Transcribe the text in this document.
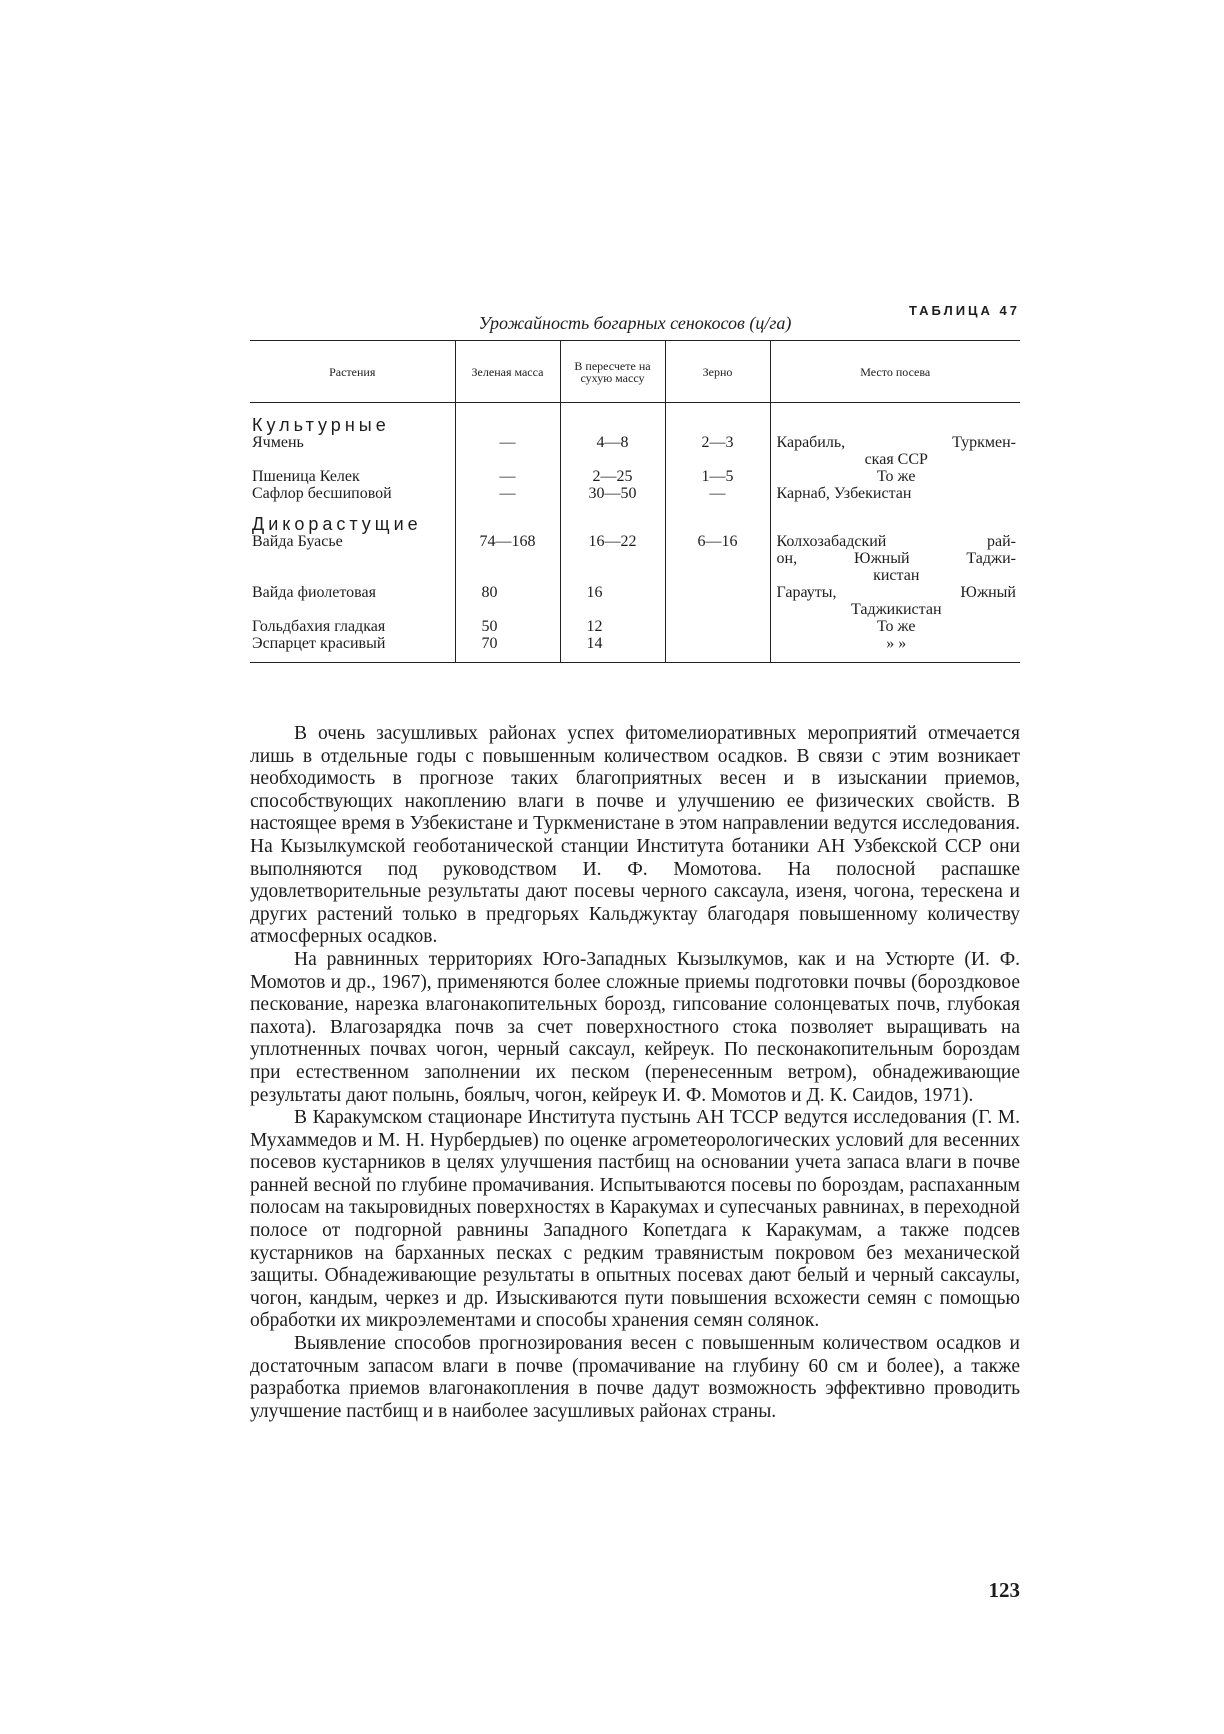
ТАБЛИЦА 47
Урожайность богарных сенокосов (ц/га)
Растения	Зеленая масса	В пересчете на сухую массу	Зерно	Место посева
Культурные				
Ячмень	—	4—8	2—3	Карабиль, Туркмен-
ская ССР

Пшеница Келек	—	2—25	1—5	То же

Сафлор бесшиповой	—	30—50	—	Карнаб, Узбекистан
Дикорастущие				
Вайда Буасье	74—168	16—22	6—16	Колхозабадский рай-
он, Южный Таджи-
кистан

Вайда фиолетовая	80	16		Гарауты, Южный
Таджикистан

Гольдбахия гладкая	50	12		То же

Эспарцет красивый	70	14		» »

В очень засушливых районах успех фитомелиоративных мероприятий отмечается лишь в отдельные годы с повышенным количеством осадков. В связи с этим возникает необходимость в прогнозе таких благоприятных весен и в изыскании приемов, способствующих накоплению влаги в почве и улучшению ее физических свойств. В настоящее время в Узбекистане и Туркменистане в этом направлении ведутся исследования. На Кызылкумской геоботанической станции Института ботаники АН Узбекской ССР они выполняются под руководством И. Ф. Момотова. На полосной распашке удовлетворительные результаты дают посевы черного саксаула, изеня, чогона, терескена и других растений только в предгорьях Кальджуктау благодаря повышенному количеству атмосферных осадков.

На равнинных территориях Юго-Западных Кызылкумов, как и на Устюрте (И. Ф. Момотов и др., 1967), применяются более сложные приемы подготовки почвы (бороздковое пескование, нарезка влагонакопительных борозд, гипсование солонцеватых почв, глубокая пахота). Влагозарядка почв за счет поверхностного стока позволяет выращивать на уплотненных почвах чогон, черный саксаул, кейреук. По песконакопительным бороздам при естественном заполнении их песком (перенесенным ветром), обнадеживающие результаты дают полынь, боялыч, чогон, кейреук И. Ф. Момотов и Д. К. Саидов, 1971).

В Каракумском стационаре Института пустынь АН ТССР ведутся исследования (Г. М. Мухаммедов и М. Н. Нурбердыев) по оценке агрометеорологических условий для весенних посевов кустарников в целях улучшения пастбищ на основании учета запаса влаги в почве ранней весной по глубине промачивания. Испытываются посевы по бороздам, распаханным полосам на такыровидных поверхностях в Каракумах и супесчаных равнинах, в переходной полосе от подгорной равнины Западного Копетдага к Каракумам, а также подсев кустарников на барханных песках с редким травянистым покровом без механической защиты. Обнадеживающие результаты в опытных посевах дают белый и черный саксаулы, чогон, кандым, черкез и др. Изыскиваются пути повышения всхожести семян с помощью обработки их микроэлементами и способы хранения семян солянок.

Выявление способов прогнозирования весен с повышенным количеством осадков и достаточным запасом влаги в почве (промачивание на глубину 60 см и более), а также разработка приемов влагонакопления в почве дадут возможность эффективно проводить улучшение пастбищ и в наиболее засушливых районах страны.

123
